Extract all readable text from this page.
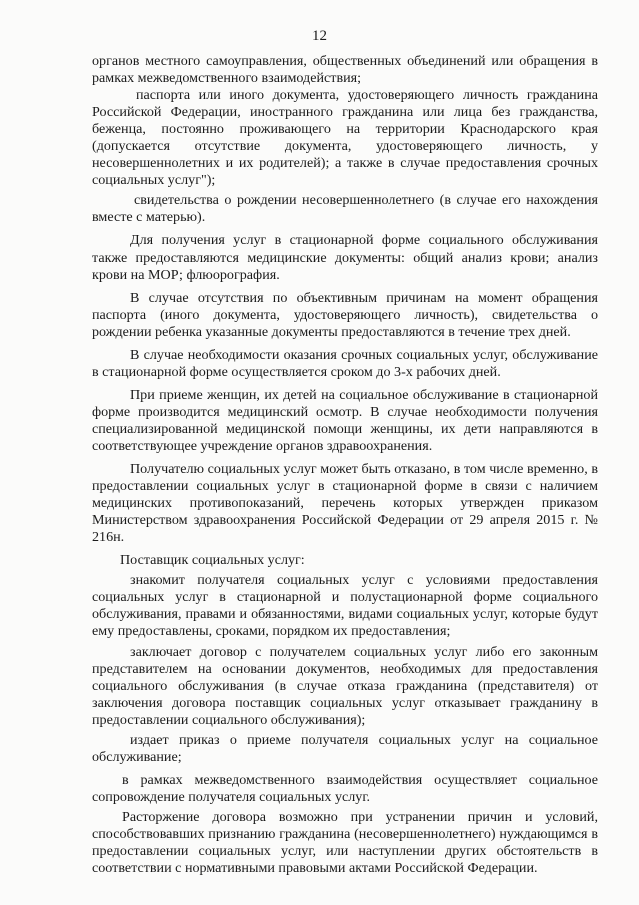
12

органов местного самоуправления, общественных объединений или обращения в рамках межведомственного взаимодействия;

паспорта или иного документа, удостоверяющего личность гражданина Российской Федерации, иностранного гражданина или лица без гражданства, беженца, постоянно проживающего на территории Краснодарского края (допускается отсутствие документа, удостоверяющего личность, у несовершеннолетних и их родителей); а также в случае предоставления срочных социальных услуг");

свидетельства о рождении несовершеннолетнего (в случае его нахождения вместе с матерью).

Для получения услуг в стационарной форме социального обслуживания также предоставляются медицинские документы: общий анализ крови; анализ крови на МОР; флюорография.

В случае отсутствия по объективным причинам на момент обращения паспорта (иного документа, удостоверяющего личность), свидетельства о рождении ребенка указанные документы предоставляются в течение трех дней.

В случае необходимости оказания срочных социальных услуг, обслуживание в стационарной форме осуществляется сроком до 3-х рабочих дней.

При приеме женщин, их детей на социальное обслуживание в стационарной форме производится медицинский осмотр. В случае необходимости получения специализированной медицинской помощи женщины, их дети направляются в соответствующее учреждение органов здравоохранения.

Получателю социальных услуг может быть отказано, в том числе временно, в предоставлении социальных услуг в стационарной форме в связи с наличием медицинских противопоказаний, перечень которых утвержден приказом Министерством здравоохранения Российской Федерации от 29 апреля 2015 г. № 216н.

Поставщик социальных услуг:

знакомит получателя социальных услуг с условиями предоставления социальных услуг в стационарной и полустационарной форме социального обслуживания, правами и обязанностями, видами социальных услуг, которые будут ему предоставлены, сроками, порядком их предоставления;

заключает договор с получателем социальных услуг либо его законным представителем на основании документов, необходимых для предоставления социального обслуживания (в случае отказа гражданина (представителя) от заключения договора поставщик социальных услуг отказывает гражданину в предоставлении социального обслуживания);

издает приказ о приеме получателя социальных услуг на социальное обслуживание;

в рамках межведомственного взаимодействия осуществляет социальное сопровождение получателя социальных услуг.

Расторжение договора возможно при устранении причин и условий, способствовавших признанию гражданина (несовершеннолетнего) нуждающимся в предоставлении социальных услуг, или наступлении других обстоятельств в соответствии с нормативными правовыми актами Российской Федерации.
